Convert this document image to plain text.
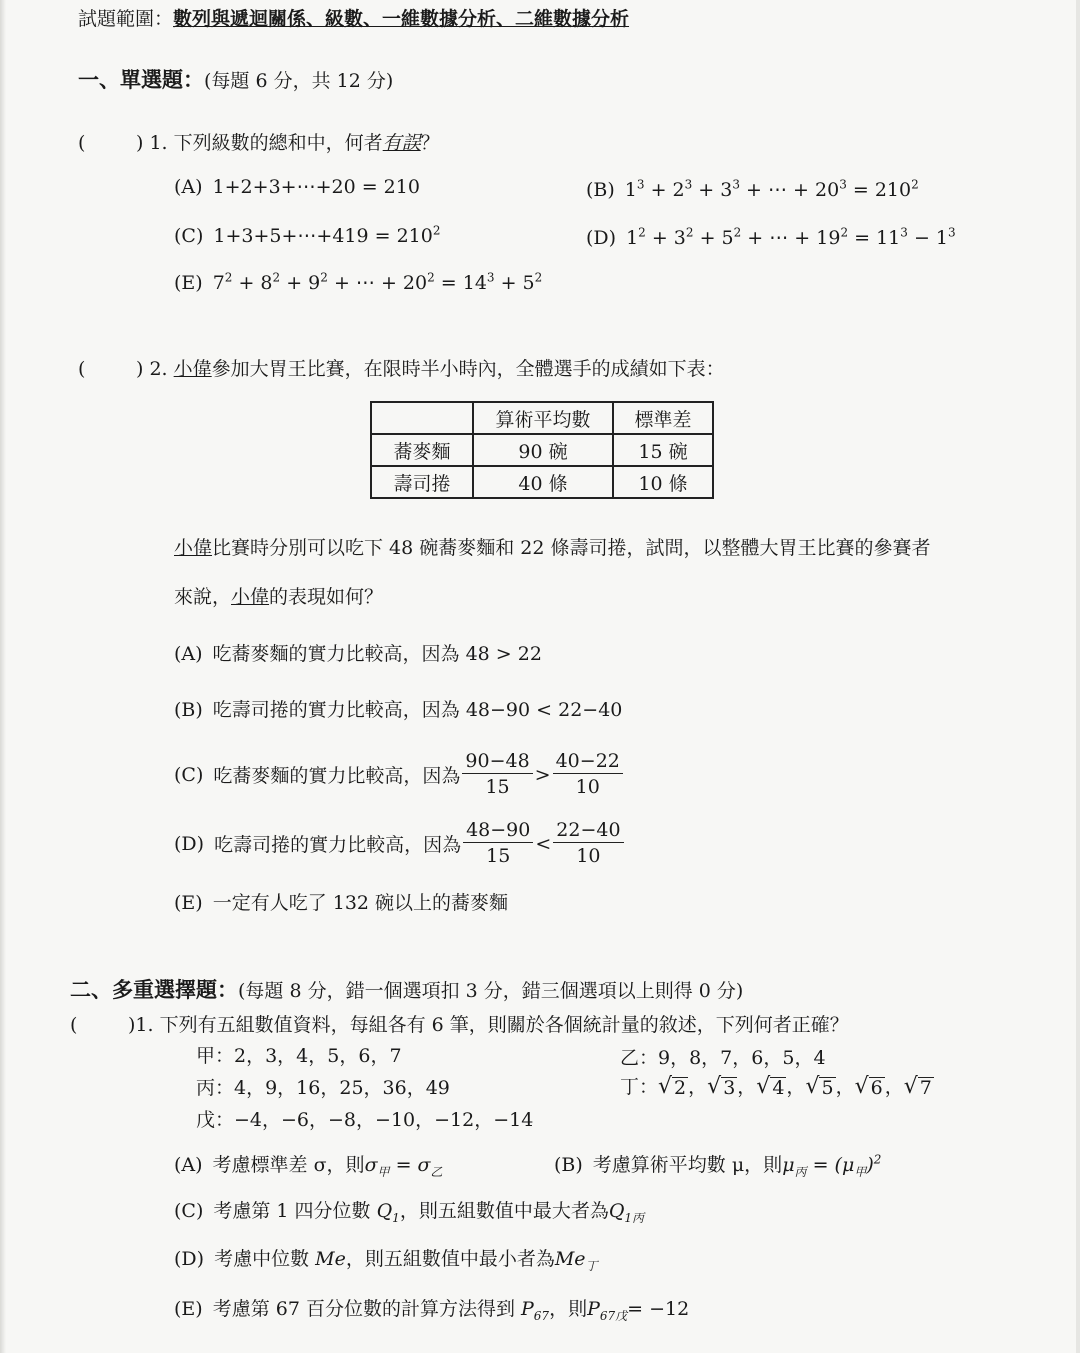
試題範圍：數列與遞迴關係、級數、一維數據分析、二維數據分析
一、單選題：(每題 6 分，共 12 分)
(	) 1. 下列級數的總和中，何者有誤？
(A) 1+2+3+⋯+20 = 210	(B) $1^3 + 2^3 + 3^3$ + ⋯ + $20^3 = 210^2$
(C) 1+3+5+⋯+419 = $210^2$	(D) $1^2 + 3^2 + 5^2$ + ⋯ + $19^2 = 11^3 - 1^3$
(E) $7^2 + 8^2 + 9^2$ + ⋯ + $20^2 = 14^3 + 5^2$
(	) 2. 小偉參加大胃王比賽，在限時半小時內，全體選手的成績如下表：
	算術平均數	標準差
蕎麥麵	90 碗	15 碗
壽司捲	40 條	10 條
小偉比賽時分別可以吃下 48 碗蕎麥麵和 22 條壽司捲，試問，以整體大胃王比賽的參賽者
來說，小偉的表現如何？
(A) 吃蕎麥麵的實力比較高，因為 48 > 22
(B) 吃壽司捲的實力比較高，因為 48−90 < 22−40
(C) 吃蕎麥麵的實力比較高，因為 $\frac{90-48}{15} > \frac{40-22}{10}$
(D) 吃壽司捲的實力比較高，因為 $\frac{48-90}{15} < \frac{22-40}{10}$
(E) 一定有人吃了 132 碗以上的蕎麥麵
二、多重選擇題：(每題 8 分，錯一個選項扣 3 分，錯三個選項以上則得 0 分)
(	)1. 下列有五組數值資料，每組各有 6 筆，則關於各個統計量的敘述，下列何者正確？
甲：2，3，4，5，6，7	乙：9，8，7，6，5，4
丙：4，9，16，25，36，49	丁： √ 2 ， √ 3 ， √ 4 ， √ 5 ， √ 6 ， √ 7
戊：−4，−6，−8，−10，−12，−14
(A) 考慮標準差 σ，則$\sigma_甲 = \sigma_乙$	(B) 考慮算術平均數 μ，則$\mu_丙 = (\mu_甲)^2$
(C) 考慮第 1 四分位數 $Q_1$，則五組數值中最大者為$Q_{1丙}$
(D) 考慮中位數 Me，則五組數值中最小者為$Me_丁$
(E) 考慮第 67 百分位數的計算方法得到 $P_{67}$，則$P_{67戊}= -12$
